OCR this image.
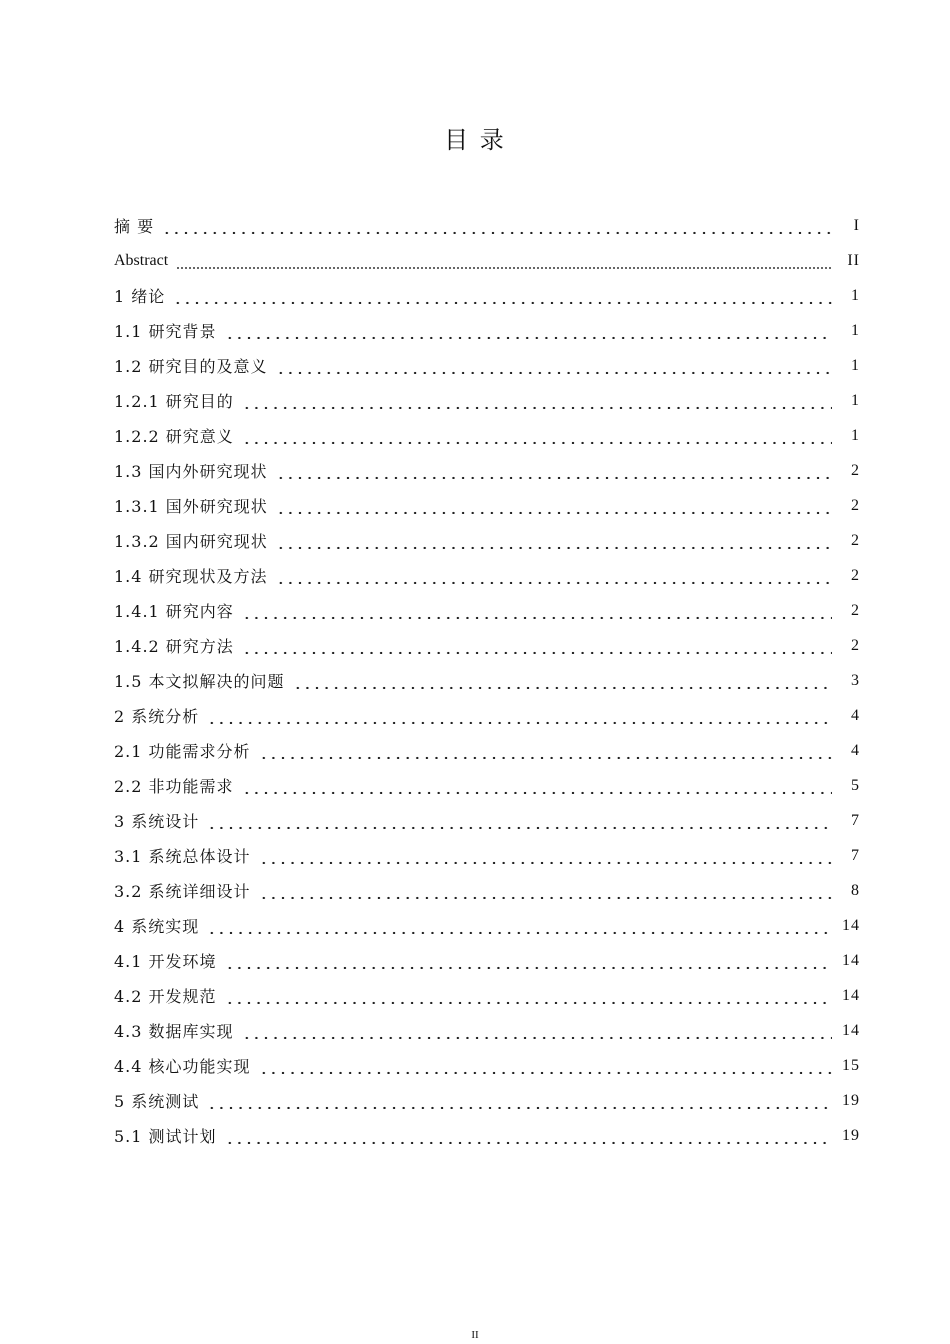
目 录
摘 要	I
Abstract	II
1 绪论	1
1.1 研究背景	1
1.2 研究目的及意义	1
1.2.1 研究目的	1
1.2.2 研究意义	1
1.3 国内外研究现状	2
1.3.1 国外研究现状	2
1.3.2 国内研究现状	2
1.4 研究现状及方法	2
1.4.1 研究内容	2
1.4.2 研究方法	2
1.5 本文拟解决的问题	3
2 系统分析	4
2.1 功能需求分析	4
2.2 非功能需求	5
3 系统设计	7
3.1 系统总体设计	7
3.2 系统详细设计	8
4 系统实现	14
4.1 开发环境	14
4.2 开发规范	14
4.3 数据库实现	14
4.4 核心功能实现	15
5 系统测试	19
5.1 测试计划	19
II
